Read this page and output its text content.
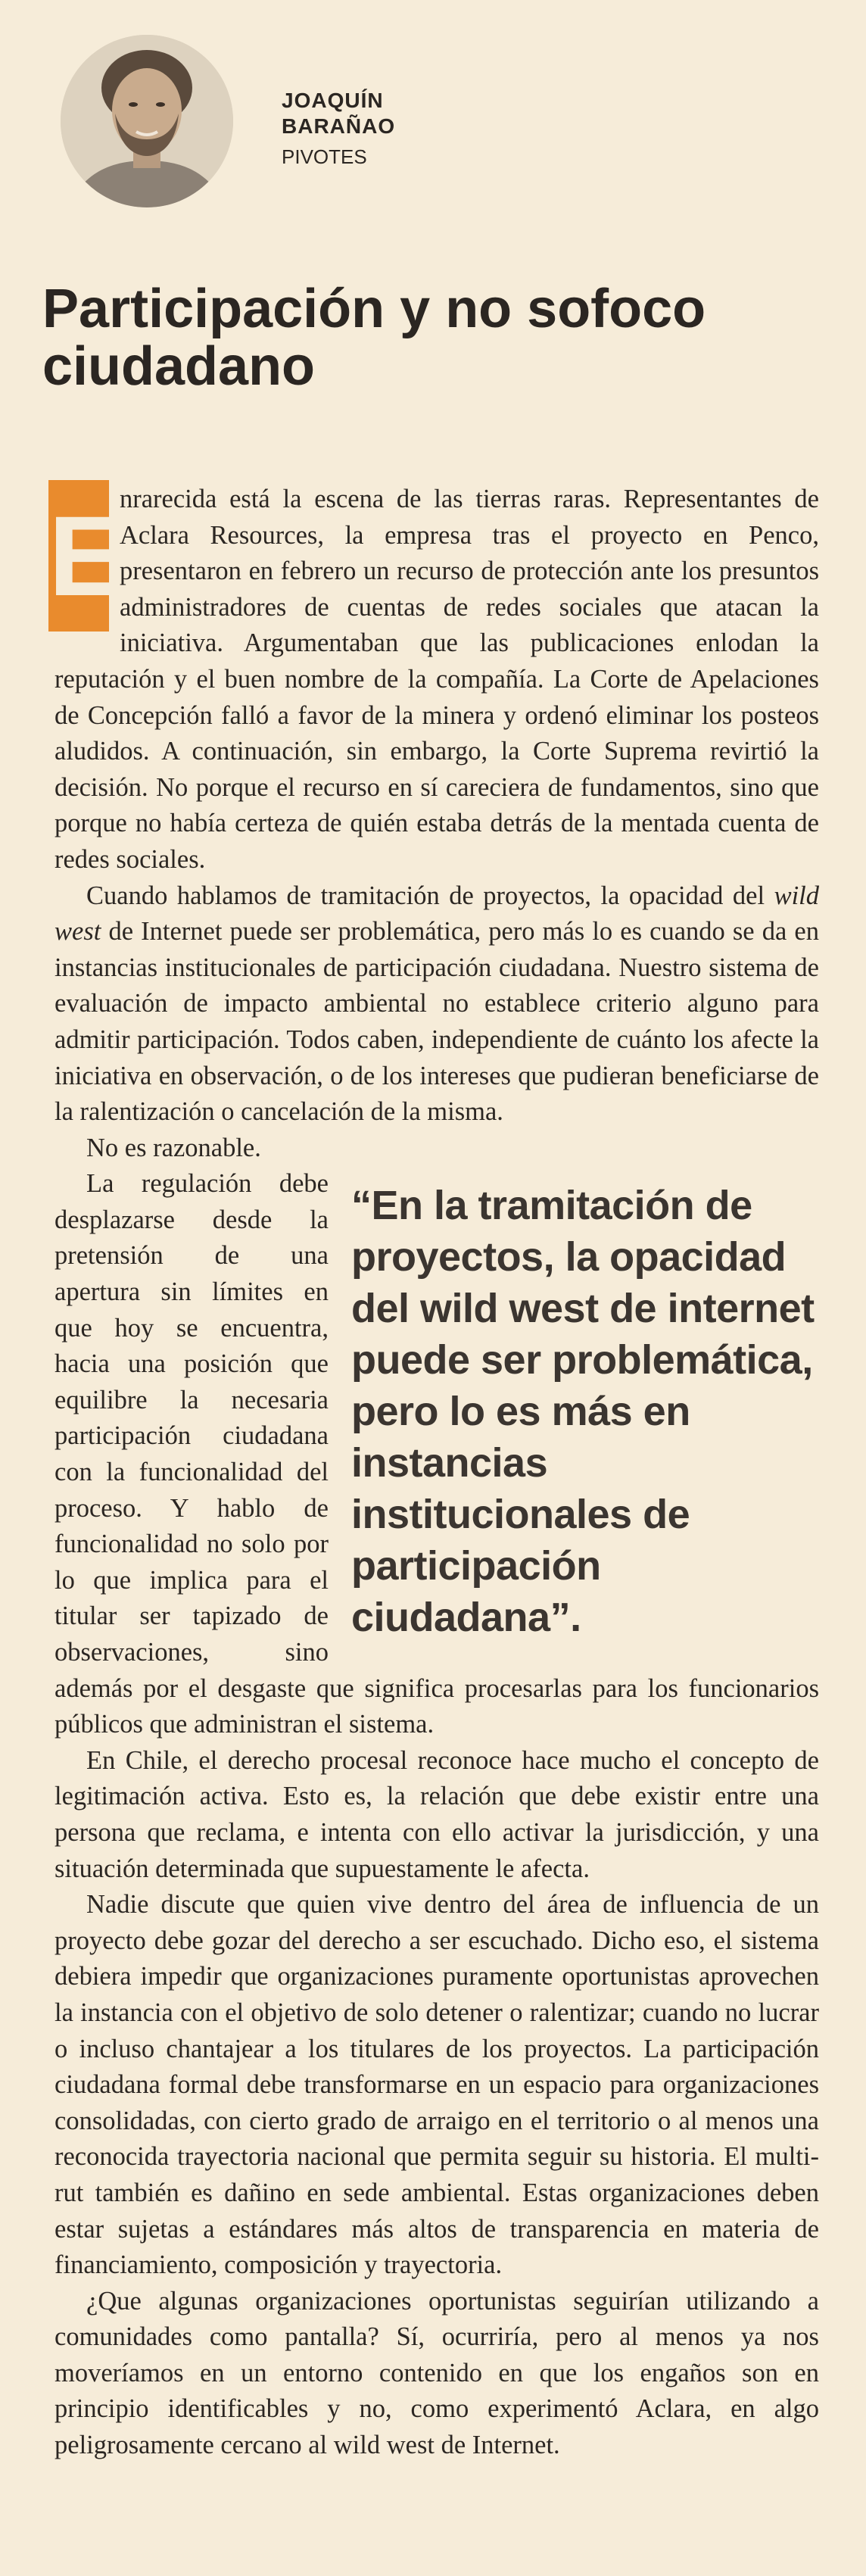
JOAQUÍN
BARAÑAO
PIVOTES
Participación y no sofoco ciudadano

E
nrarecida está la escena de las tierras raras. Representantes de Aclara Resources, la empresa tras el proyecto en Penco, presentaron en febrero un recurso de protección ante los presuntos administradores de cuentas de redes sociales que atacan la iniciativa. Argumentaban que las publicaciones enlodan la reputación y el buen nombre de la compañía. La Corte de Apelaciones de Concepción falló a favor de la minera y ordenó eliminar los posteos aludidos. A continuación, sin embargo, la Corte Suprema revirtió la decisión. No porque el recurso en sí careciera de fundamentos, sino que porque no había certeza de quién estaba detrás de la mentada cuenta de redes sociales.

Cuando hablamos de tramitación de proyectos, la opacidad del wild west de Internet puede ser problemática, pero más lo es cuando se da en instancias institucionales de participación ciudadana. Nuestro sistema de evaluación de impacto ambiental no establece criterio alguno para admitir participación. Todos caben, independiente de cuánto los afecte la iniciativa en observación, o de los intereses que pudieran beneficiarse de la ralentización o cancelación de la misma.

No es razonable.

“En la tramitación de proyectos, la opacidad del wild west de internet puede ser problemática, pero lo es más en instancias institucionales de participación ciudadana”.
La regulación debe desplazarse desde la pretensión de una apertura sin límites en que hoy se encuentra, hacia una posición que equilibre la necesaria participación ciudadana con la funcionalidad del proceso. Y hablo de funcionalidad no solo por lo que implica para el titular ser tapizado de observaciones, sino además por el desgaste que significa procesarlas para los funcionarios públicos que administran el sistema.

En Chile, el derecho procesal reconoce hace mucho el concepto de legitimación activa. Esto es, la relación que debe existir entre una persona que reclama, e intenta con ello activar la jurisdicción, y una situación determinada que supuestamente le afecta.

Nadie discute que quien vive dentro del área de influencia de un proyecto debe gozar del derecho a ser escuchado. Dicho eso, el sistema debiera impedir que organizaciones puramente oportunistas aprovechen la instancia con el objetivo de solo detener o ralentizar; cuando no lucrar o incluso chantajear a los titulares de los proyectos. La participación ciudadana formal debe transformarse en un espacio para organizaciones consolidadas, con cierto grado de arraigo en el territorio o al menos una reconocida trayectoria nacional que permita seguir su historia. El multi-rut también es dañino en sede ambiental. Estas organizaciones deben estar sujetas a estándares más altos de transparencia en materia de financiamiento, composición y trayectoria.

¿Que algunas organizaciones oportunistas seguirían utilizando a comunidades como pantalla? Sí, ocurriría, pero al menos ya nos moveríamos en un entorno contenido en que los engaños son en principio identificables y no, como experimentó Aclara, en algo peligrosamente cercano al wild west de Internet.
